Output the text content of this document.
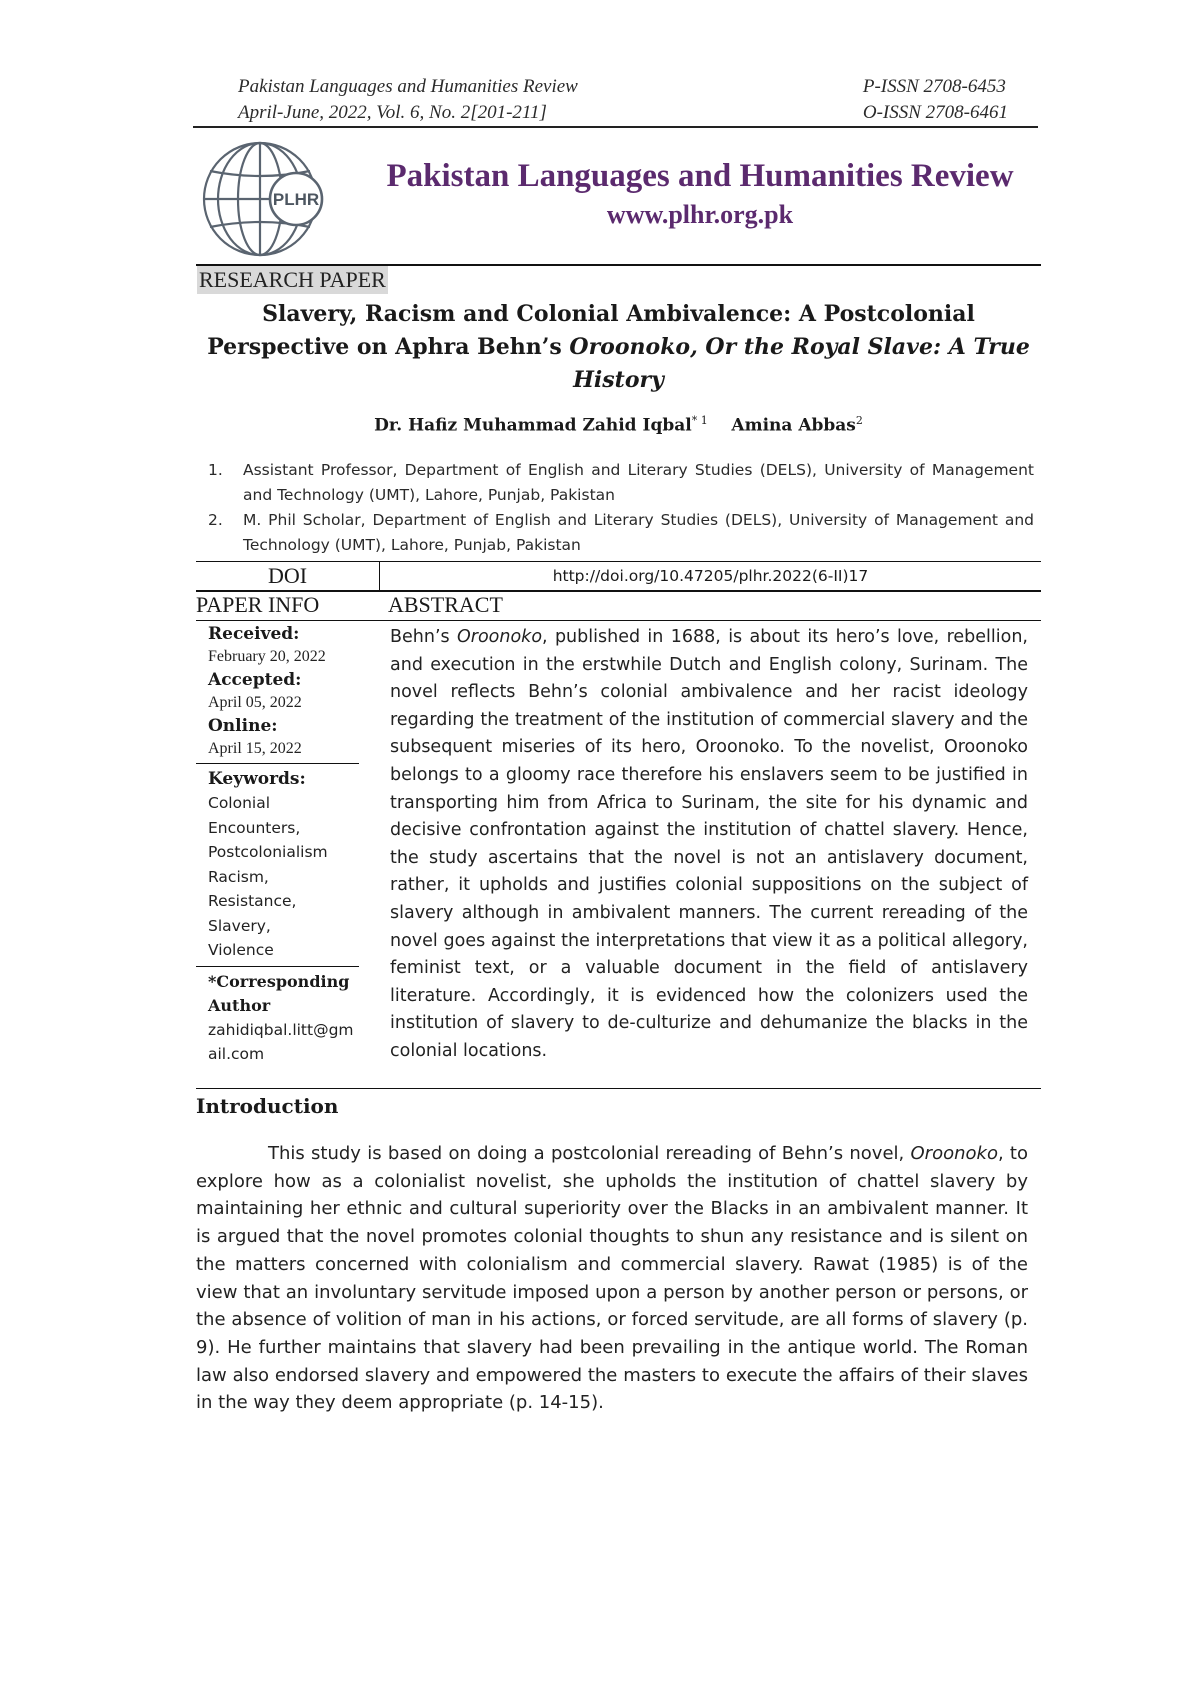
Pakistan Languages and Humanities Review
April-June, 2022, Vol. 6, No. 2[201-211]
P-ISSN 2708-6453
O-ISSN 2708-6461
PLHR
Pakistan Languages and Humanities Review
www.plhr.org.pk
RESEARCH PAPER
Slavery, Racism and Colonial Ambivalence: A Postcolonial Perspective on Aphra Behn’s Oroonoko, Or the Royal Slave: A True History
Dr. Hafiz Muhammad Zahid Iqbal$^{* 1}$ Amina Abbas$^2$
1. Assistant Professor, Department of English and Literary Studies (DELS), University of Management and Technology (UMT), Lahore, Punjab, Pakistan
2. M. Phil Scholar, Department of English and Literary Studies (DELS), University of Management and Technology (UMT), Lahore, Punjab, Pakistan
DOI	http://doi.org/10.47205/plhr.2022(6-II)17
PAPER INFO	ABSTRACT
Received:
February 20, 2022
Accepted:
April 05, 2022
Online:
April 15, 2022
Keywords:
Colonial
Encounters,
Postcolonialism
Racism,
Resistance,
Slavery,
Violence
*Corresponding Author
zahidiqbal.litt@gmail.com
Behn’s Oroonoko, published in 1688, is about its hero’s love, rebellion, and execution in the erstwhile Dutch and English colony, Surinam. The novel reflects Behn’s colonial ambivalence and her racist ideology regarding the treatment of the institution of commercial slavery and the subsequent miseries of its hero, Oroonoko. To the novelist, Oroonoko belongs to a gloomy race therefore his enslavers seem to be justified in transporting him from Africa to Surinam, the site for his dynamic and decisive confrontation against the institution of chattel slavery. Hence, the study ascertains that the novel is not an antislavery document, rather, it upholds and justifies colonial suppositions on the subject of slavery although in ambivalent manners. The current rereading of the novel goes against the interpretations that view it as a political allegory, feminist text, or a valuable document in the field of antislavery literature. Accordingly, it is evidenced how the colonizers used the institution of slavery to de-culturize and dehumanize the blacks in the colonial locations.
Introduction
This study is based on doing a postcolonial rereading of Behn’s novel, Oroonoko, to explore how as a colonialist novelist, she upholds the institution of chattel slavery by maintaining her ethnic and cultural superiority over the Blacks in an ambivalent manner. It is argued that the novel promotes colonial thoughts to shun any resistance and is silent on the matters concerned with colonialism and commercial slavery. Rawat (1985) is of the view that an involuntary servitude imposed upon a person by another person or persons, or the absence of volition of man in his actions, or forced servitude, are all forms of slavery (p. 9). He further maintains that slavery had been prevailing in the antique world. The Roman law also endorsed slavery and empowered the masters to execute the affairs of their slaves in the way they deem appropriate (p. 14-15).
